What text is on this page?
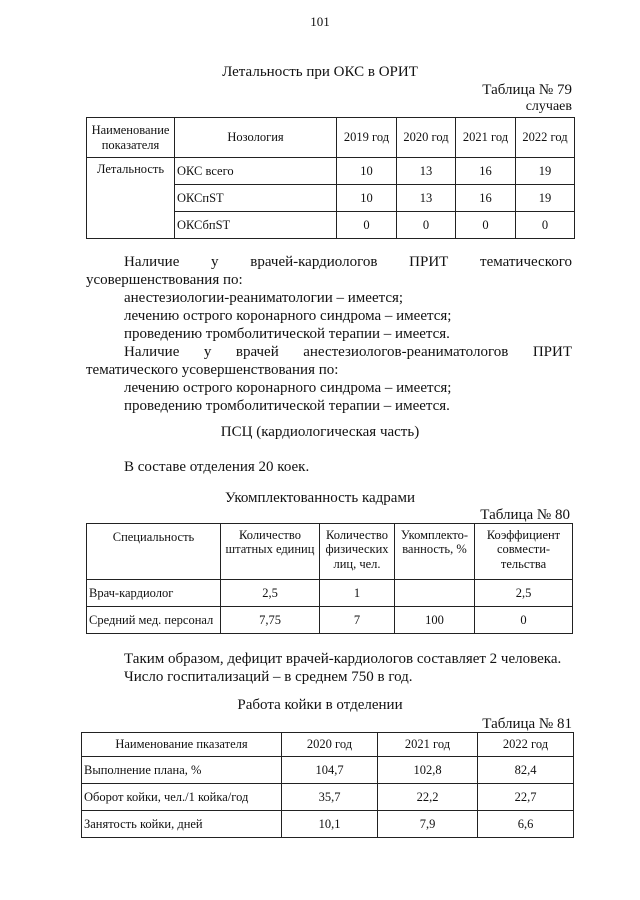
101
Летальность при ОКС в ОРИТ
Таблица № 79
случаев
Наименование показателя	Нозология	2019 год	2020 год	2021 год	2022 год
Летальность	ОКС всего	10	13	16	19
	ОКСпST	10	13	16	19
	ОКСбпST	0	0	0	0
Наличие у врачей-кардиологов ПРИТ тематического
усовершенствования по:
анестезиологии-реаниматологии – имеется;
лечению острого коронарного синдрома – имеется;
проведению тромболитической терапии – имеется.
Наличие у врачей анестезиологов-реаниматологов ПРИТ
тематического усовершенствования по:
лечению острого коронарного синдрома – имеется;
проведению тромболитической терапии – имеется.
ПСЦ (кардиологическая часть)
В составе отделения 20 коек.
Укомплектованность кадрами
Таблица № 80
Специальность	Количество штатных единиц	Количество физических лиц, чел.	Укомплекто-ванность, %	Коэффициент совмести-тельства
Врач-кардиолог	2,5	1		2,5
Средний мед. персонал	7,75	7	100	0
Таким образом, дефицит врачей-кардиологов составляет 2 человека.
Число госпитализаций – в среднем 750 в год.
Работа койки в отделении
Таблица № 81
Наименование пказателя	2020 год	2021 год	2022 год
Выполнение плана, %	104,7	102,8	82,4
Оборот койки, чел./1 койка/год	35,7	22,2	22,7
Занятость койки, дней	10,1	7,9	6,6
